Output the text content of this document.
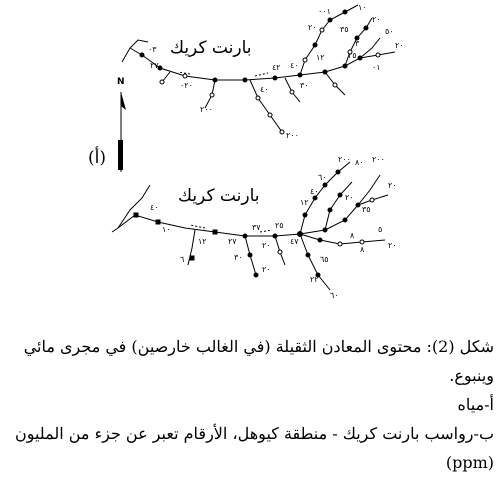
١٠
٢٠
٥٠
٣٥
٢٠
٠٠١
٢٠
٣
٠٣
٢٧	٤٢ ٤٠
٠٢٠	٣٠
٤٠
٠١
٢٥
٢٠٠
١٢
٢٠٠
N
٢٠٠ ٨٠ ٢٠٠
٦٠
٢٠
٣٥
١٢
٤٠
٢٠
٤٠
٨
٢٥
١٢
٣٧
٢٧	٢٠ ٤٧
٥
٨	٢٠
١٠
٣٠	٦٥
٢٠
٢٢
٦
٦٠
بارنت كريك
(أ)
بارنت كريك
شكل (2): محتوى المعادن الثقيلة (في الغالب خارصين) في مجرى مائي وينبوع.
أ-مياه
ب-رواسب بارنت كريك - منطقة كيوهل، الأرقام تعبر عن جزء من المليون (ppm)
